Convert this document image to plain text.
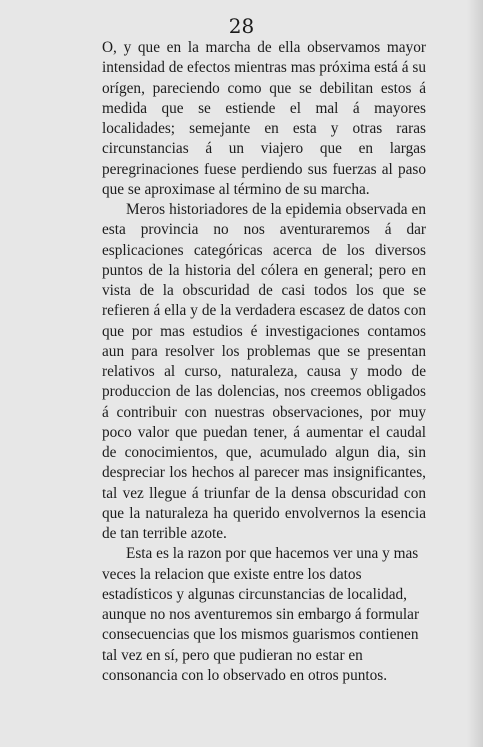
28

O, y que en la marcha de ella observamos mayor intensidad de efectos mientras mas próxima está á su orígen, pareciendo como que se debilitan estos á medida que se estiende el mal á mayores localidades; semejante en esta y otras raras circunstancias á un viajero que en largas peregrinaciones fuese perdiendo sus fuerzas al paso que se aproximase al término de su marcha.

Meros historiadores de la epidemia observada en esta provincia no nos aventuraremos á dar esplicaciones categóricas acerca de los diversos puntos de la historia del cólera en general; pero en vista de la obscuridad de casi todos los que se refieren á ella y de la verdadera escasez de datos con que por mas estudios é investigaciones contamos aun para resolver los problemas que se presentan relativos al curso, naturaleza, causa y modo de produccion de las dolencias, nos creemos obligados á contribuir con nuestras observaciones, por muy poco valor que puedan tener, á aumentar el caudal de conocimientos, que, acumulado algun dia, sin despreciar los hechos al parecer mas insignificantes, tal vez llegue á triunfar de la densa obscuridad con que la naturaleza ha querido envolvernos la esencia de tan terrible azote.

Esta es la razon por que hacemos ver una y mas veces la relacion que existe entre los datos estadísticos y algunas circunstancias de localidad, aunque no nos aventuremos sin embargo á formular consecuencias que los mismos guarismos contienen tal vez en sí, pero que pudieran no estar en consonancia con lo observado en otros puntos.
